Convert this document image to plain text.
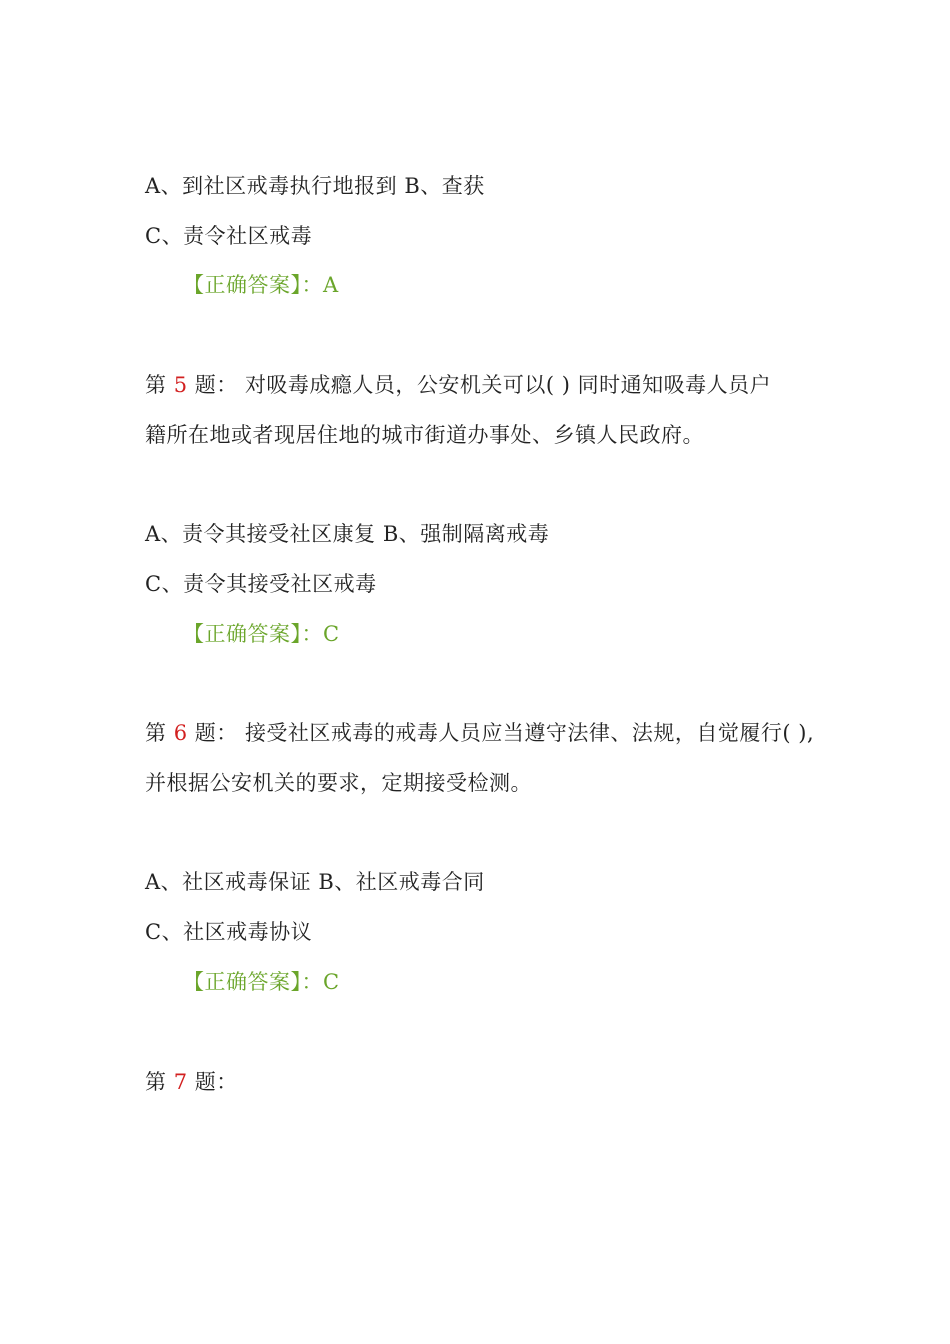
A、到社区戒毒执行地报到 B、查获
C、责令社区戒毒
【正确答案】：A
第 5 题： 对吸毒成瘾人员，公安机关可以( ) 同时通知吸毒人员户
籍所在地或者现居住地的城市街道办事处、乡镇人民政府。
A、责令其接受社区康复 B、强制隔离戒毒
C、责令其接受社区戒毒
【正确答案】：C
第 6 题： 接受社区戒毒的戒毒人员应当遵守法律、法规，自觉履行( ),
并根据公安机关的要求，定期接受检测。
A、社区戒毒保证 B、社区戒毒合同
C、社区戒毒协议
【正确答案】：C
第 7 题：
